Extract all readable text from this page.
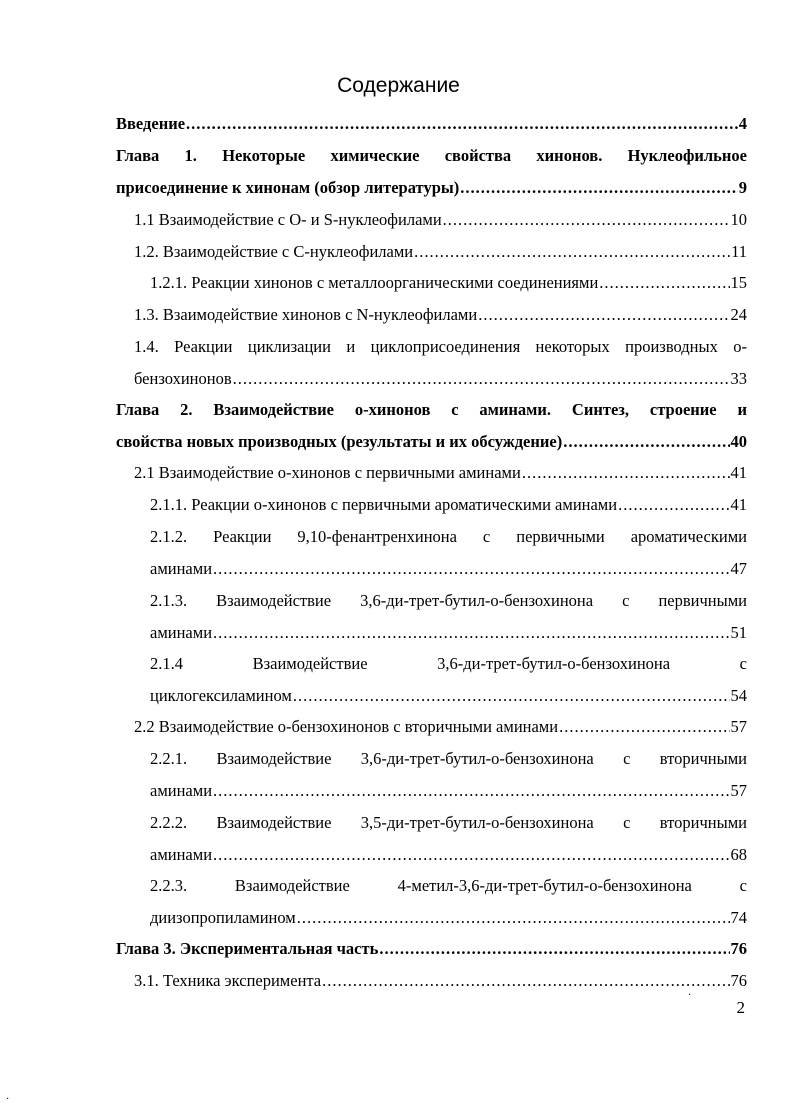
Содержание
Введение .....	4
Глава 1. Некоторые химические свойства хинонов. Нуклеофильное
присоединение к хинонам (обзор литературы) .....	9
1.1 Взаимодействие с О- и S-нуклеофилами .....	10
1.2. Взаимодействие с С-нуклеофилами .....	11
1.2.1. Реакции хинонов с металлоорганическими соединениями .....	15
1.3. Взаимодействие хинонов с N-нуклеофилами .....	24
1.4. Реакции циклизации и циклоприсоединения некоторых производных о-
бензохинонов .....	33
Глава 2. Взаимодействие о-хинонов с аминами. Синтез, строение и
свойства новых производных (результаты и их обсуждение) .....	40
2.1 Взаимодействие о-хинонов с первичными аминами .....	41
2.1.1. Реакции о-хинонов с первичными ароматическими аминами .....	41
2.1.2. Реакции 9,10-фенантренхинона с первичными ароматическими
аминами .....	47
2.1.3. Взаимодействие 3,6-ди-трет-бутил-о-бензохинона с первичными
аминами .....	51
2.1.4 Взаимодействие 3,6-ди-трет-бутил-о-бензохинона с
циклогексиламином .....	54
2.2 Взаимодействие о-бензохинонов с вторичными аминами .....	57
2.2.1. Взаимодействие 3,6-ди-трет-бутил-о-бензохинона с вторичными
аминами .....	57
2.2.2. Взаимодействие 3,5-ди-трет-бутил-о-бензохинона с вторичными
аминами .....	68
2.2.3. Взаимодействие 4-метил-3,6-ди-трет-бутил-о-бензохинона с
диизопропиламином .....	74
Глава 3. Экспериментальная часть .....	76
3.1. Техника эксперимента .....	76
·
·
2
